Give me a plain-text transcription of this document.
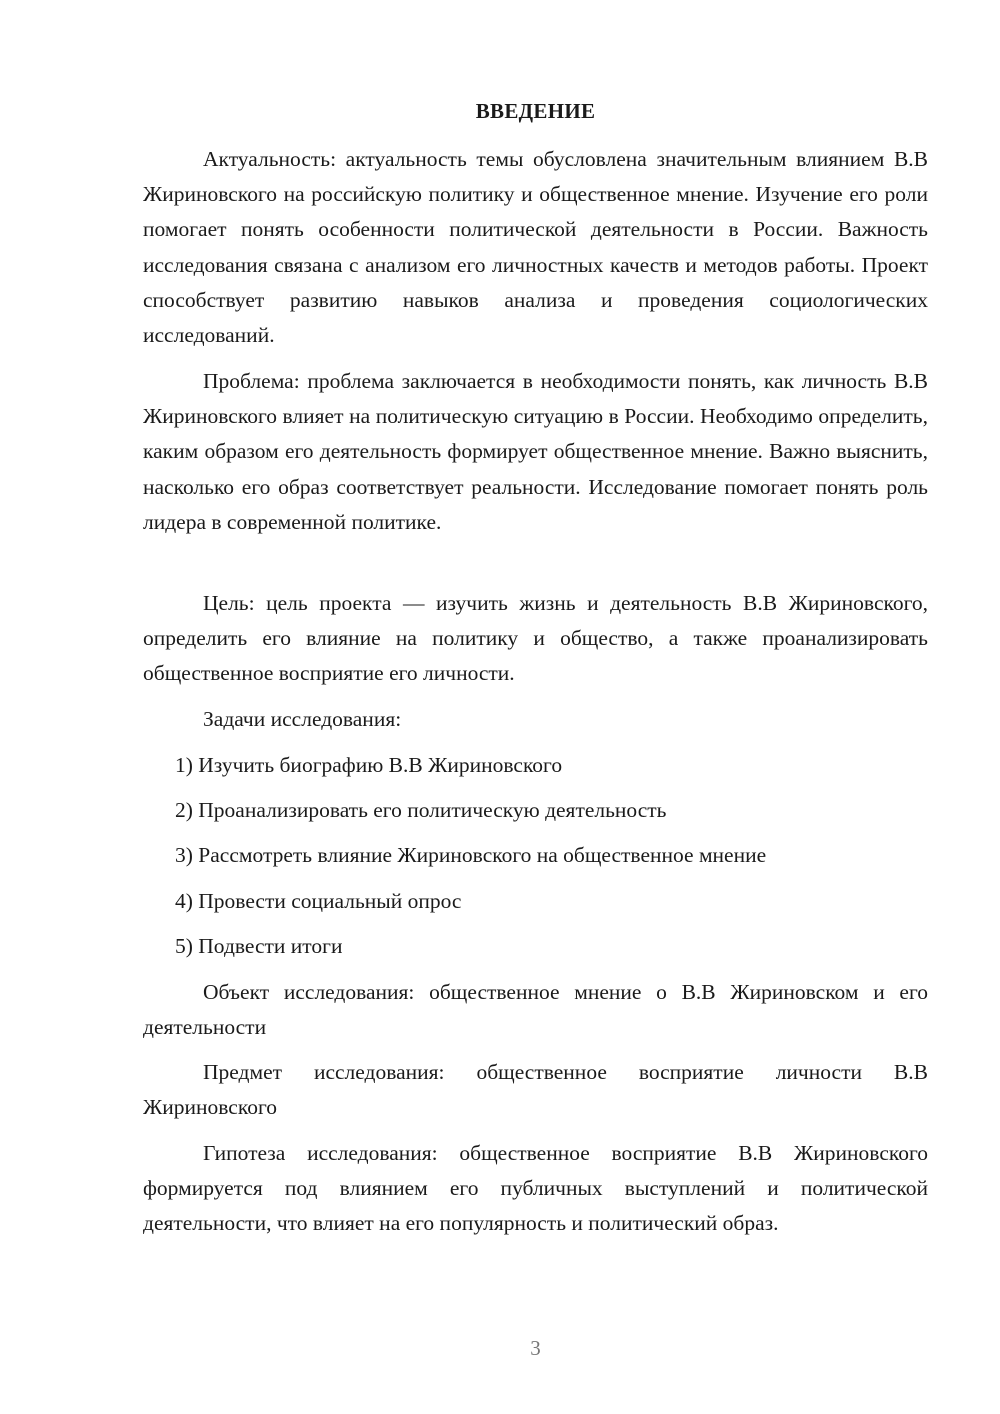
ВВЕДЕНИЕ

Актуальность: актуальность темы обусловлена значительным влиянием В.В Жириновского на российскую политику и общественное мнение. Изучение его роли помогает понять особенности политической деятельности в России. Важность исследования связана с анализом его личностных качеств и методов работы. Проект способствует развитию навыков анализа и проведения социологических исследований.

Проблема: проблема заключается в необходимости понять, как личность В.В Жириновского влияет на политическую ситуацию в России. Необходимо определить, каким образом его деятельность формирует общественное мнение. Важно выяснить, насколько его образ соответствует реальности. Исследование помогает понять роль лидера в современной политике.

Цель: цель проекта — изучить жизнь и деятельность В.В Жириновского, определить его влияние на политику и общество, а также проанализировать общественное восприятие его личности.

Задачи исследования:

1) Изучить биографию В.В Жириновского

2) Проанализировать его политическую деятельность

3) Рассмотреть влияние Жириновского на общественное мнение

4) Провести социальный опрос

5) Подвести итоги

Объект исследования: общественное мнение о В.В Жириновском и его деятельности

Предмет исследования: общественное восприятие личности В.В Жириновского

Гипотеза исследования: общественное восприятие В.В Жириновского формируется под влиянием его публичных выступлений и политической деятельности, что влияет на его популярность и политический образ.

3
